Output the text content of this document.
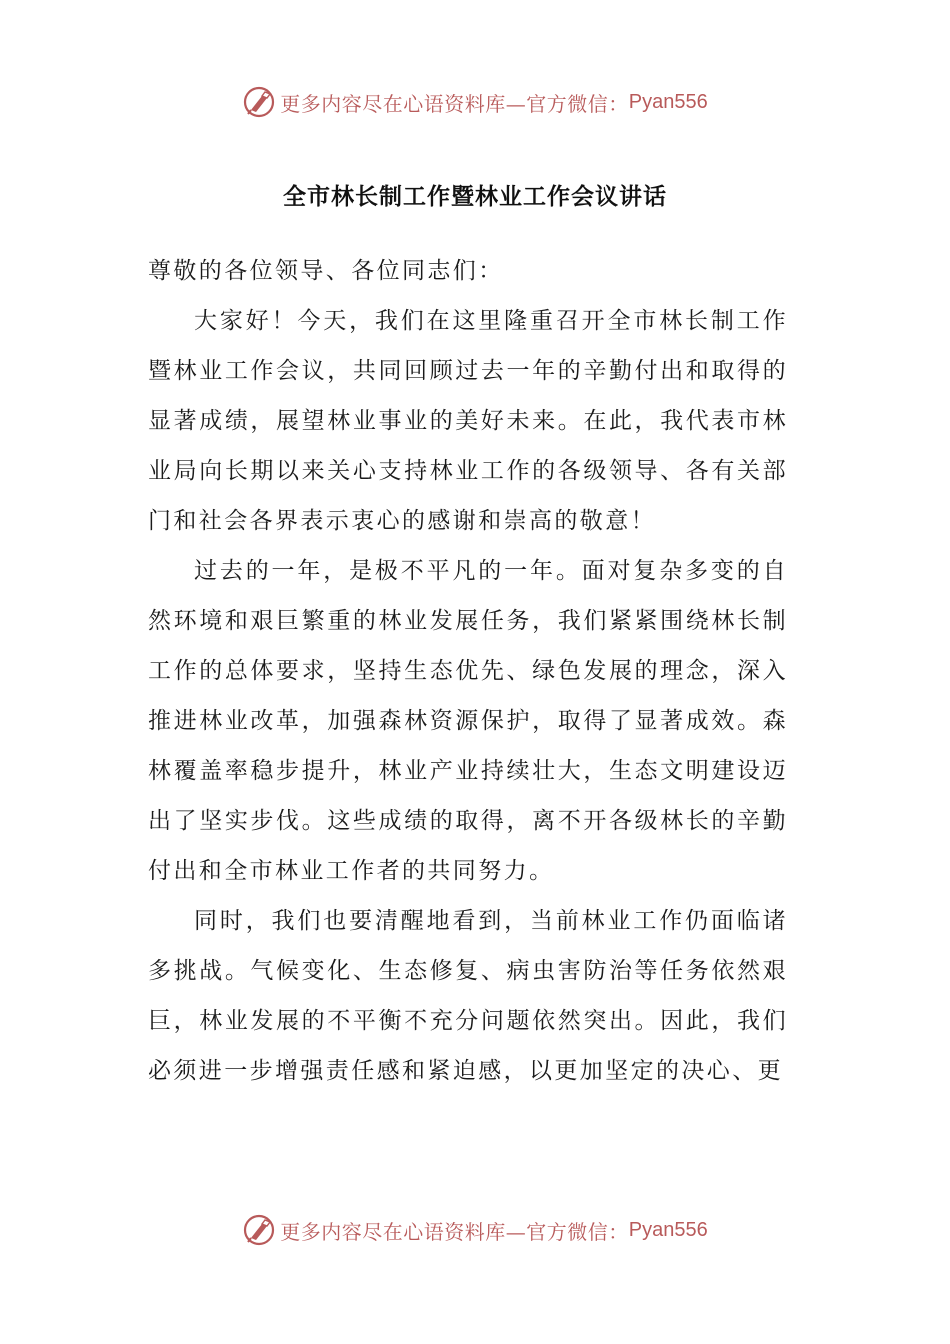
更多内容尽在心语资料库—官方微信： Pyan556
全市林长制工作暨林业工作会议讲话

尊敬的各位领导、各位同志们：

大家好！今天，我们在这里隆重召开全市林长制工作暨林业工作会议，共同回顾过去一年的辛勤付出和取得的显著成绩，展望林业事业的美好未来。在此，我代表市林业局向长期以来关心支持林业工作的各级领导、各有关部门和社会各界表示衷心的感谢和崇高的敬意！

过去的一年，是极不平凡的一年。面对复杂多变的自然环境和艰巨繁重的林业发展任务，我们紧紧围绕林长制工作的总体要求，坚持生态优先、绿色发展的理念，深入推进林业改革，加强森林资源保护，取得了显著成效。森林覆盖率稳步提升，林业产业持续壮大，生态文明建设迈出了坚实步伐。这些成绩的取得，离不开各级林长的辛勤付出和全市林业工作者的共同努力。

同时，我们也要清醒地看到，当前林业工作仍面临诸多挑战。气候变化、生态修复、病虫害防治等任务依然艰巨，林业发展的不平衡不充分问题依然突出。因此，我们必须进一步增强责任感和紧迫感，以更加坚定的决心、更

更多内容尽在心语资料库—官方微信： Pyan556
